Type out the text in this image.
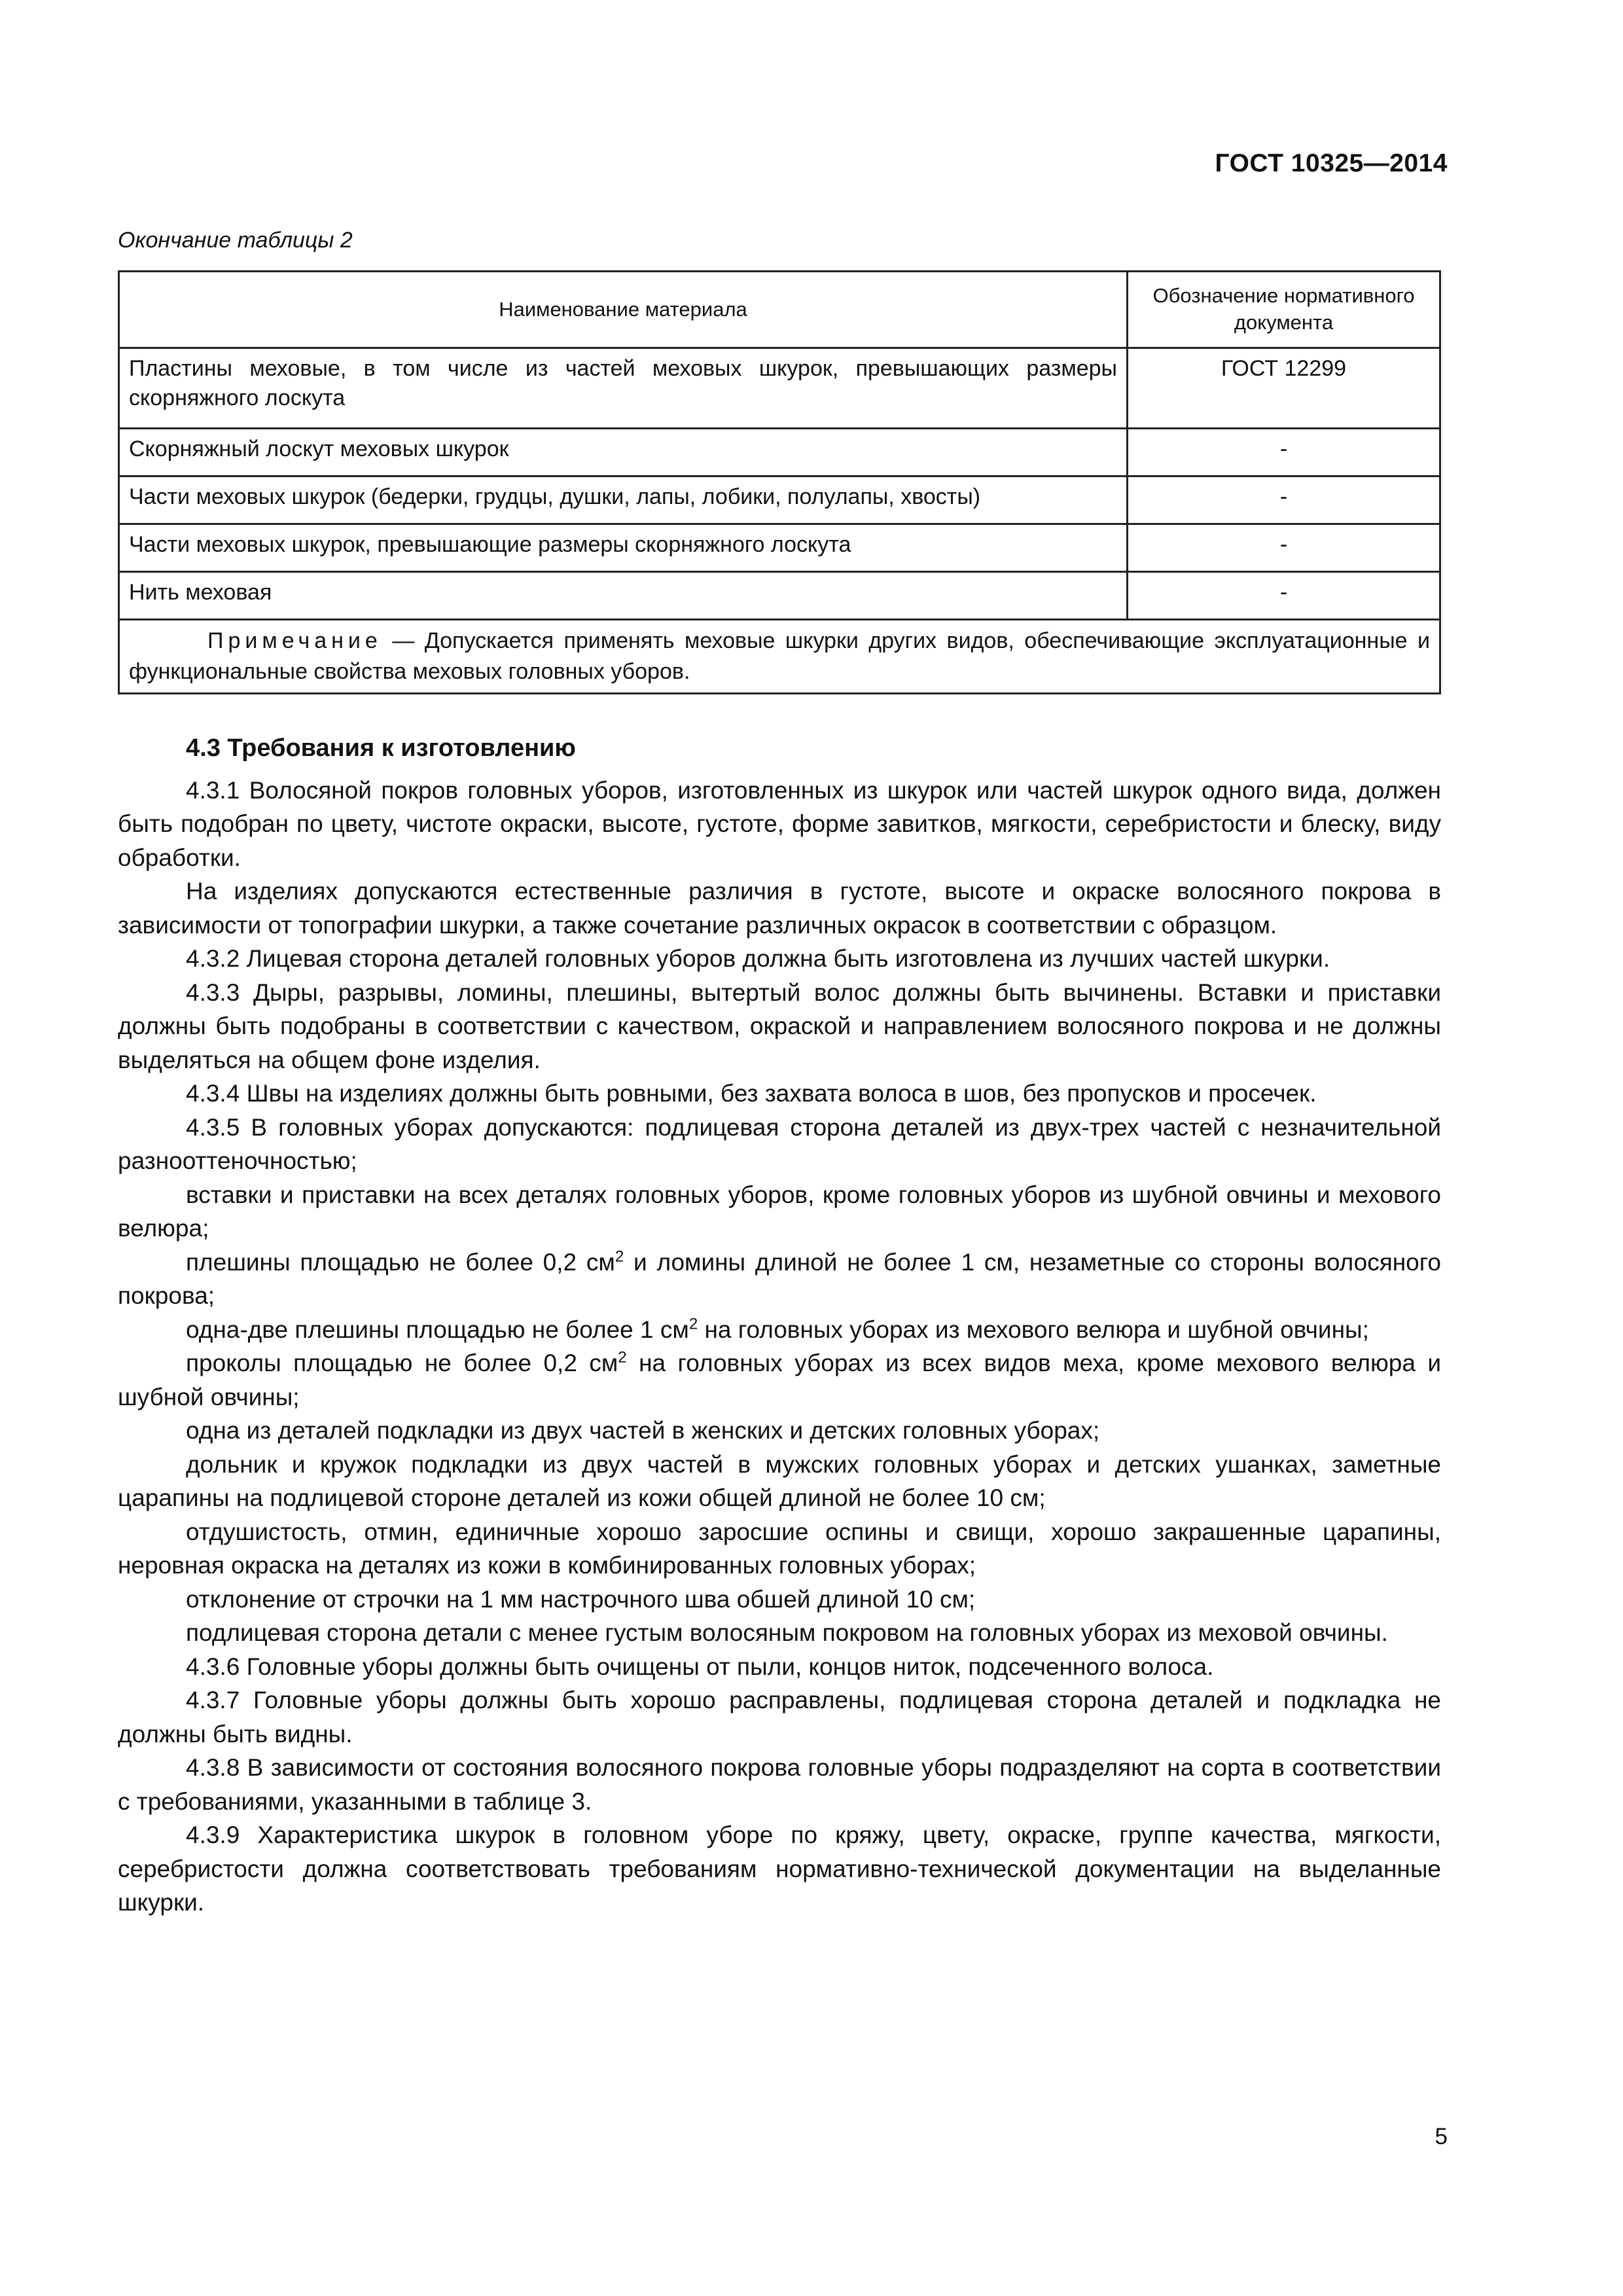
ГОСТ 10325—2014
Окончание таблицы 2
Наименование материала	Обозначение нормативного документа
Пластины меховые, в том числе из частей меховых шкурок, превышающих размеры скорняжного лоскута	ГОСТ 12299
Скорняжный лоскут меховых шкурок	-
Части меховых шкурок (бедерки, грудцы, душки, лапы, лобики, полулапы, хвосты)	-
Части меховых шкурок, превышающие размеры скорняжного лоскута	-
Нить меховая	-
Примечание — Допускается применять меховые шкурки других видов, обеспечивающие эксплуатационные и функциональные свойства меховых головных уборов.	
4.3 Требования к изготовлению

4.3.1 Волосяной покров головных уборов, изготовленных из шкурок или частей шкурок одного вида, должен быть подобран по цвету, чистоте окраски, высоте, густоте, форме завитков, мягкости, серебристости и блеску, виду обработки.

На изделиях допускаются естественные различия в густоте, высоте и окраске волосяного покрова в зависимости от топографии шкурки, а также сочетание различных окрасок в соответствии с образцом.

4.3.2 Лицевая сторона деталей головных уборов должна быть изготовлена из лучших частей шкурки.

4.3.3 Дыры, разрывы, ломины, плешины, вытертый волос должны быть вычинены. Вставки и приставки должны быть подобраны в соответствии с качеством, окраской и направлением волосяного покрова и не должны выделяться на общем фоне изделия.

4.3.4 Швы на изделиях должны быть ровными, без захвата волоса в шов, без пропусков и просечек.

4.3.5 В головных уборах допускаются: подлицевая сторона деталей из двух-трех частей с незначительной разнооттеночностью;

вставки и приставки на всех деталях головных уборов, кроме головных уборов из шубной овчины и мехового велюра;

плешины площадью не более 0,2 $см^2$ и ломины длиной не более 1 см, незаметные со стороны волосяного покрова;

одна-две плешины площадью не более 1 $см^2$ на головных уборах из мехового велюра и шубной овчины;

проколы площадью не более 0,2 $см^2$ на головных уборах из всех видов меха, кроме мехового велюра и шубной овчины;

одна из деталей подкладки из двух частей в женских и детских головных уборах;

дольник и кружок подкладки из двух частей в мужских головных уборах и детских ушанках, заметные царапины на подлицевой стороне деталей из кожи общей длиной не более 10 см;

отдушистость, отмин, единичные хорошо заросшие оспины и свищи, хорошо закрашенные царапины, неровная окраска на деталях из кожи в комбинированных головных уборах;

отклонение от строчки на 1 мм настрочного шва обшей длиной 10 см;

подлицевая сторона детали с менее густым волосяным покровом на головных уборах из меховой овчины.

4.3.6 Головные уборы должны быть очищены от пыли, концов ниток, подсеченного волоса.

4.3.7 Головные уборы должны быть хорошо расправлены, подлицевая сторона деталей и подкладка не должны быть видны.

4.3.8 В зависимости от состояния волосяного покрова головные уборы подразделяют на сорта в соответствии с требованиями, указанными в таблице 3.

4.3.9 Характеристика шкурок в головном уборе по кряжу, цвету, окраске, группе качества, мягкости, серебристости должна соответствовать требованиям нормативно-технической документации на выделанные шкурки.

5
